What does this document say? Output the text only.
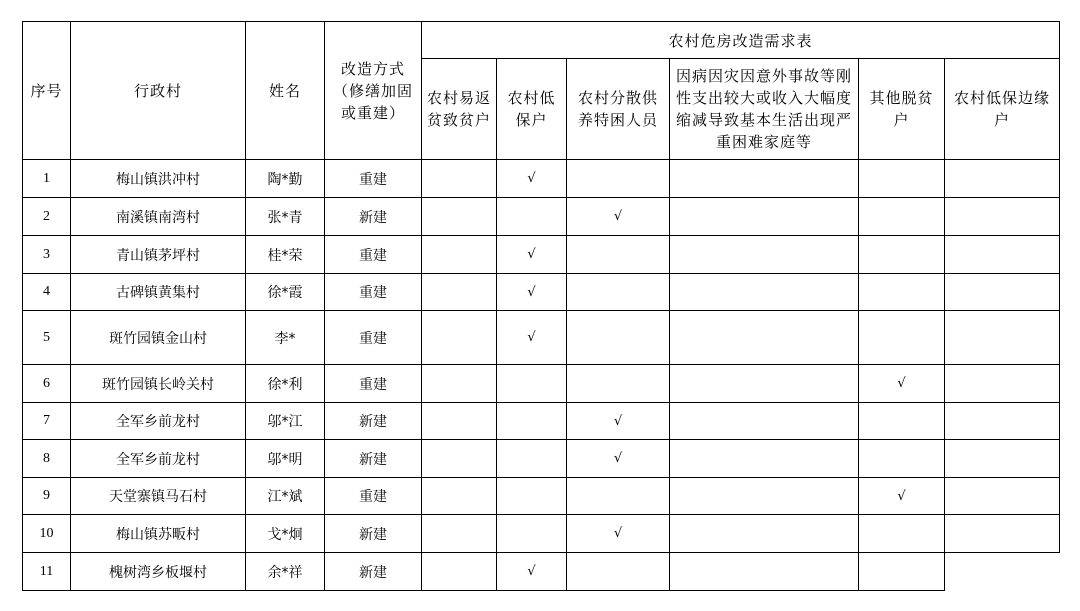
序号	行政村	姓名	改造方式（修缮加固或重建）	农村危房改造需求表					
				农村易返贫致贫户	农村低保户	农村分散供养特困人员	因病因灾因意外事故等刚性支出较大或收入大幅度缩减导致基本生活出现严重困难家庭等	其他脱贫户	农村低保边缘户
1	梅山镇洪冲村	陶*勤	重建		√				
2	南溪镇南湾村	张*青	新建			√			
3	青山镇茅坪村	桂*荣	重建		√				
4	古碑镇黄集村	徐*霞	重建		√				
5	斑竹园镇金山村	李*	重建		√				
6	斑竹园镇长岭关村	徐*利	重建					√	
7	全军乡前龙村	邬*江	新建			√			
8	全军乡前龙村	邬*明	新建			√			
9	天堂寨镇马石村	江*斌	重建					√	
10	梅山镇苏畈村	戈*炯	新建			√			
11	槐树湾乡板堰村	余*祥	新建		√				
